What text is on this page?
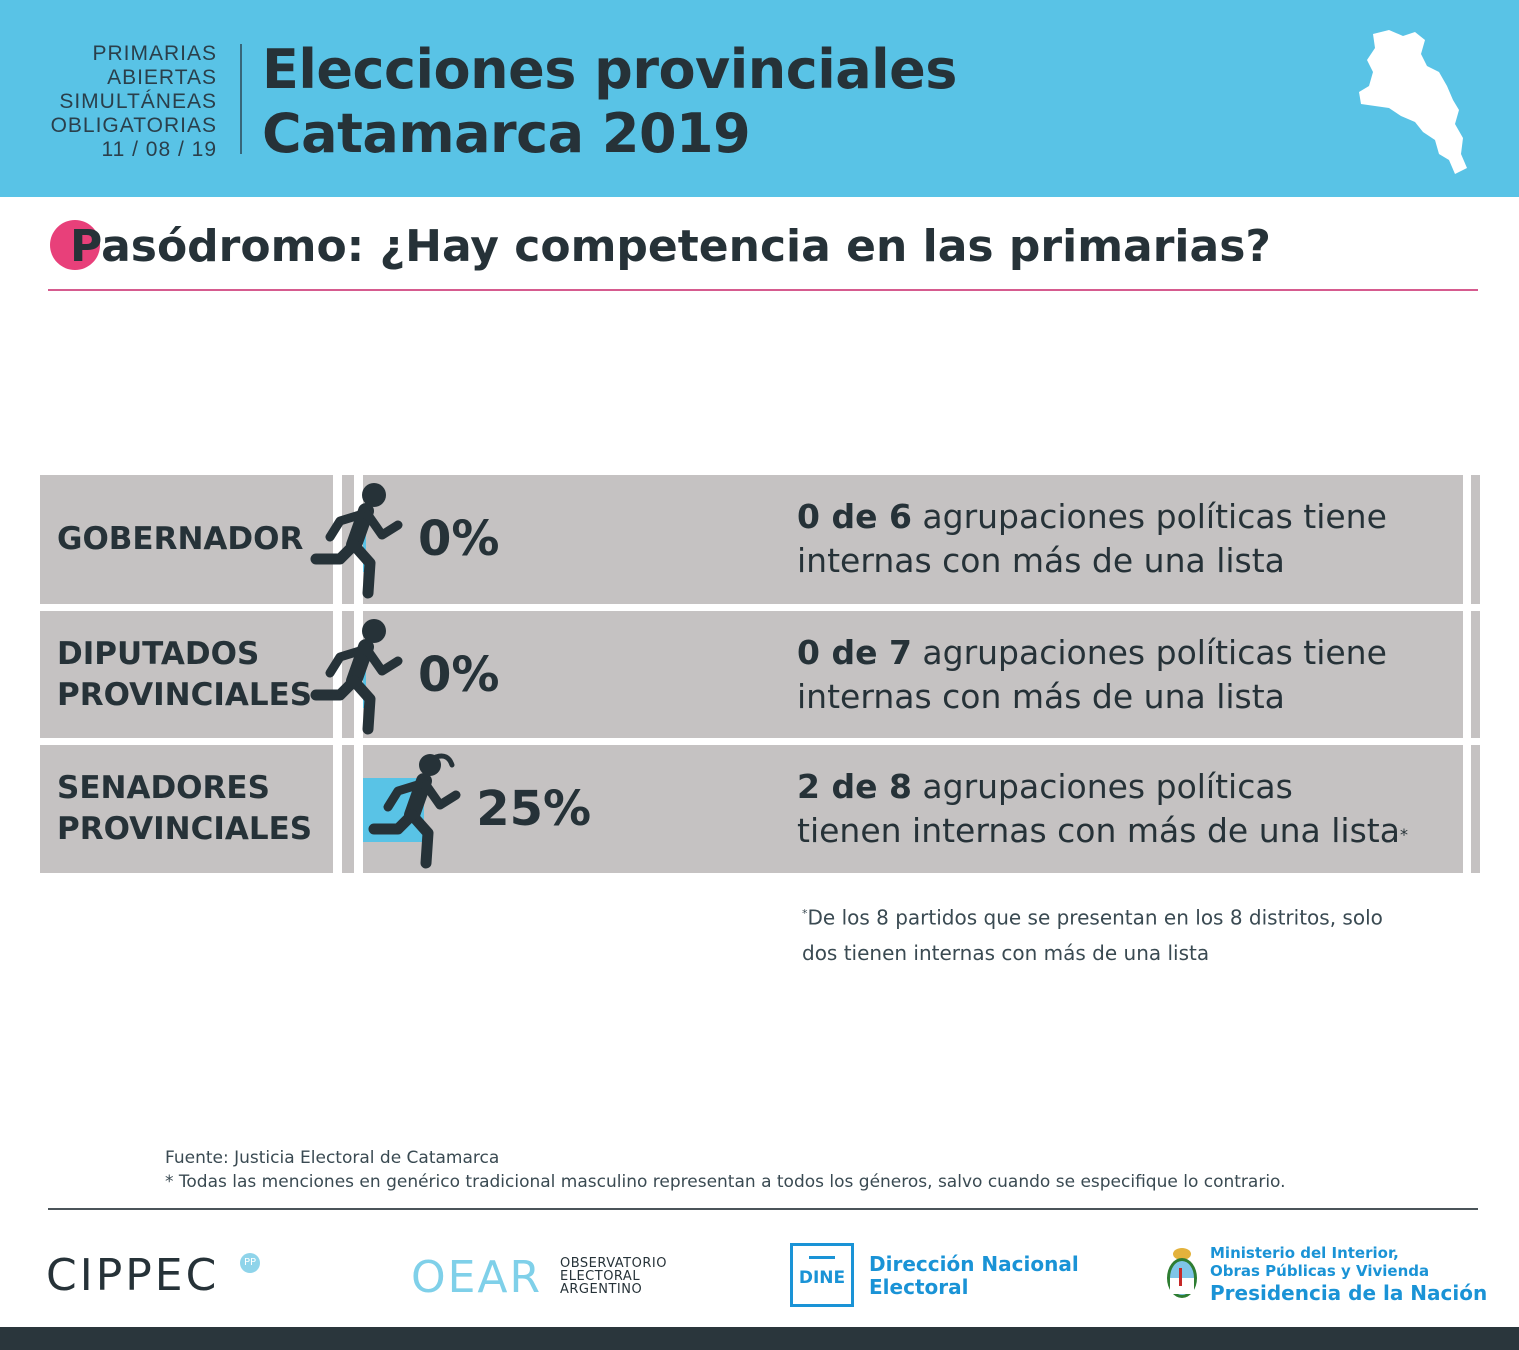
PRIMARIAS
ABIERTAS
SIMULTÁNEAS
OBLIGATORIAS
11 / 08 / 19
Elecciones provinciales
Catamarca 2019
Pasódromo: ¿Hay competencia en las primarias?
GOBERNADOR 0%	0 de 6 agrupaciones políticas tiene
internas con más de una lista
DIPUTADOS
PROVINCIALES 0%	0 de 7 agrupaciones políticas tiene
internas con más de una lista
SENADORES
PROVINCIALES	25%	2 de 8 agrupaciones políticas
tienen internas con más de una lista*
*De los 8 partidos que se presentan en los 8 distritos, solo
dos tienen internas con más de una lista
Fuente: Justicia Electoral de Catamarca
* Todas las menciones en genérico tradicional masculino representan a todos los géneros, salvo cuando se especifique lo contrario.
CIPPEC	PP	OEAR OBSERVATORIO
ELECTORAL
ARGENTINO
DINE
Dirección Nacional
Electoral
Ministerio del Interior,
Obras Públicas y Vivienda
Presidencia de la Nación
